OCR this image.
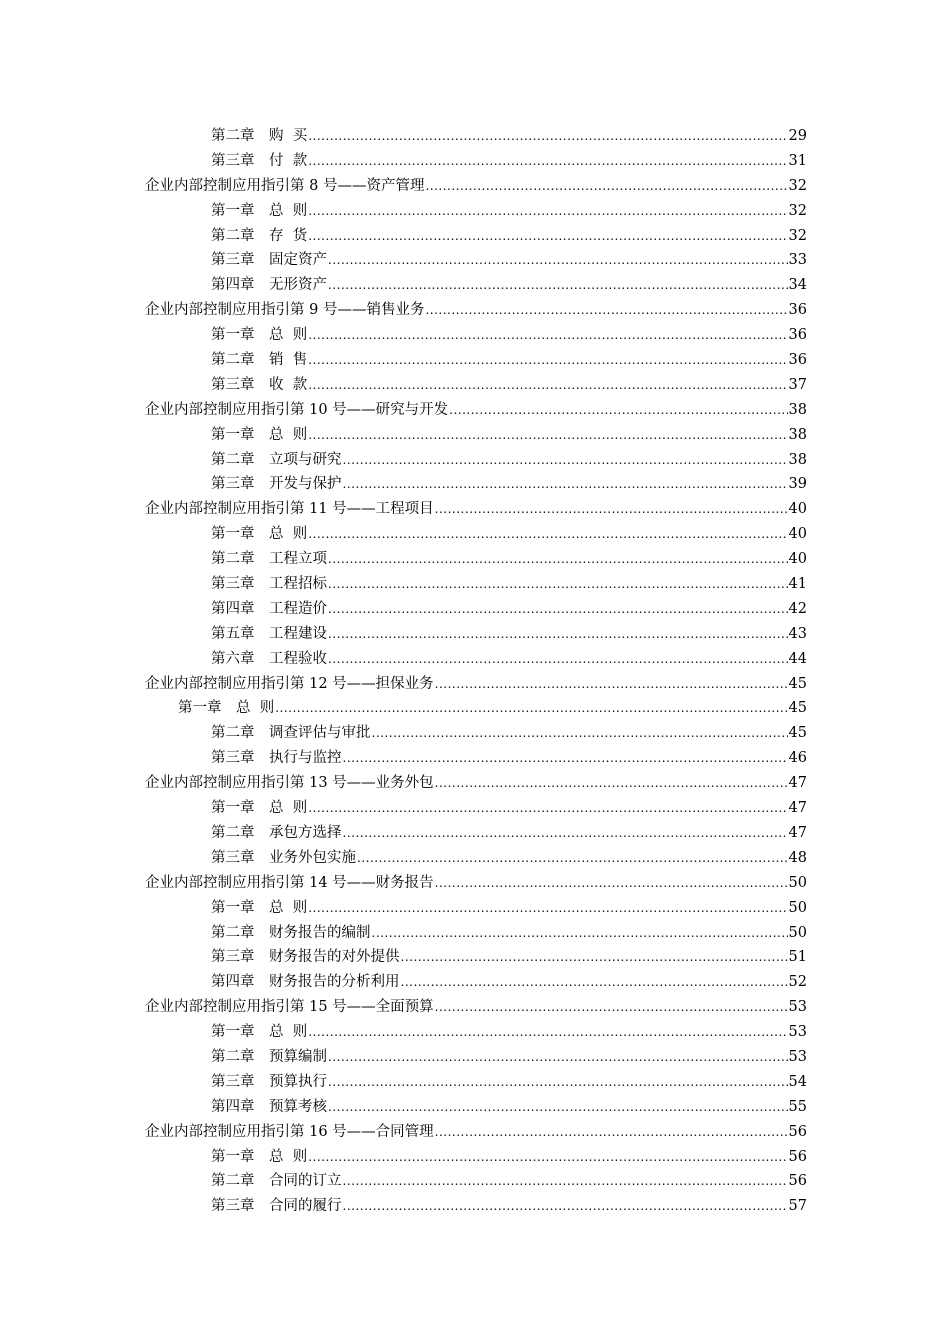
第二章　购  买 .....	29
第三章　付  款 .....	31
企业内部控制应用指引第 8 号——资产管理 .....	32
第一章　总  则 .....	32
第二章　存  货 .....	32
第三章　固定资产 .....	33
第四章　无形资产 .....	34
企业内部控制应用指引第 9 号——销售业务 .....	36
第一章　总  则 .....	36
第二章　销  售 .....	36
第三章　收  款 .....	37
企业内部控制应用指引第 10 号——研究与开发 .....	38
第一章　总  则 .....	38
第二章　立项与研究 .....	38
第三章　开发与保护 .....	39
企业内部控制应用指引第 11 号——工程项目 .....	40
第一章　总  则 .....	40
第二章　工程立项 .....	40
第三章　工程招标 .....	41
第四章　工程造价 .....	42
第五章　工程建设 .....	43
第六章　工程验收 .....	44
企业内部控制应用指引第 12 号——担保业务 .....	45
第一章　总  则 .....	45
第二章　调查评估与审批 .....	45
第三章　执行与监控 .....	46
企业内部控制应用指引第 13 号——业务外包 .....	47
第一章　总  则 .....	47
第二章　承包方选择 .....	47
第三章　业务外包实施 .....	48
企业内部控制应用指引第 14 号——财务报告 .....	50
第一章　总  则 .....	50
第二章　财务报告的编制 .....	50
第三章　财务报告的对外提供 .....	51
第四章　财务报告的分析利用 .....	52
企业内部控制应用指引第 15 号——全面预算 .....	53
第一章　总  则 .....	53
第二章　预算编制 .....	53
第三章　预算执行 .....	54
第四章　预算考核 .....	55
企业内部控制应用指引第 16 号——合同管理 .....	56
第一章　总  则 .....	56
第二章　合同的订立 .....	56
第三章　合同的履行 .....	57
